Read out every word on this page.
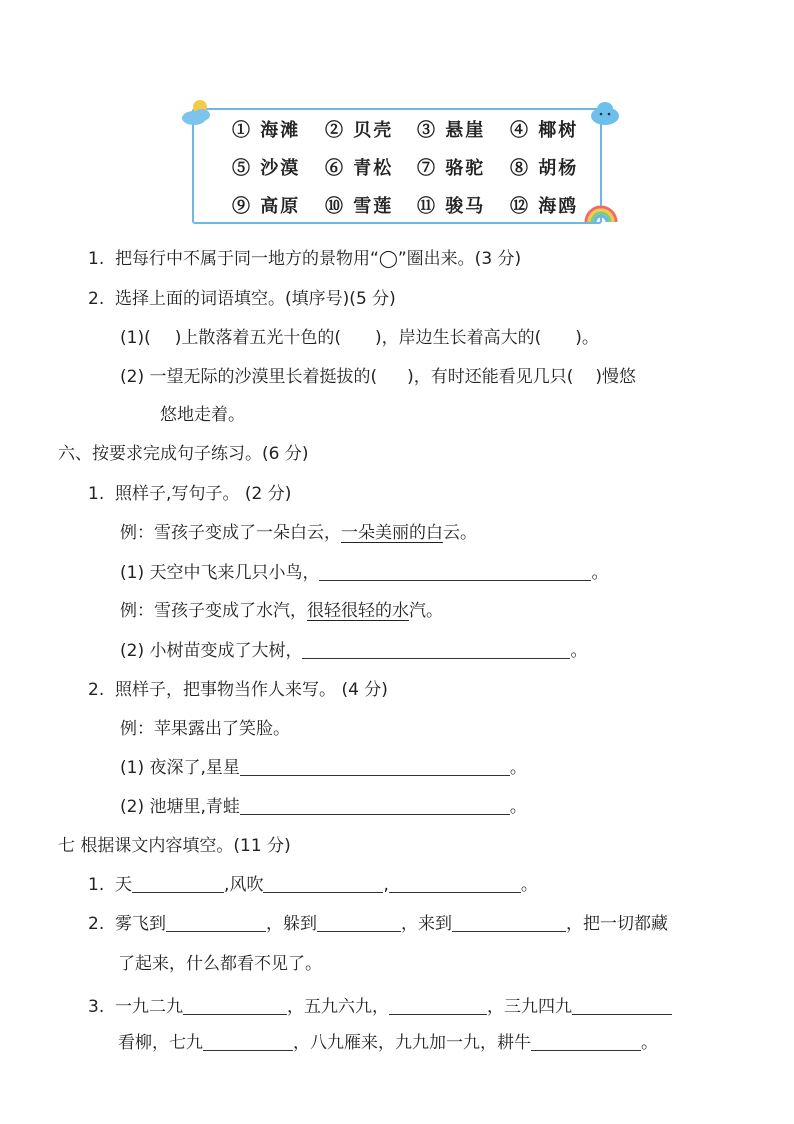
① 海滩 ② 贝壳 ③ 悬崖 ④ 椰树
⑤ 沙漠 ⑥ 青松 ⑦ 骆驼 ⑧ 胡杨
⑨ 高原 ⑩ 雪莲 ⑪ 骏马 ⑫ 海鸥
1. 把每行中不属于同一地方的景物用“◯”圈出来。(3 分)
2. 选择上面的词语填空。(填序号)(5 分)
(1)( )上散落着五光十色的( )，岸边生长着高大的( )。
(2) 一望无际的沙漠里长着挺拔的( )，有时还能看见几只( )慢悠
悠地走着。
六、按要求完成句子练习。(6 分)
1. 照样子,写句子。 (2 分)
例：雪孩子变成了一朵白云，一朵美丽的白云。
(1) 天空中飞来几只小鸟，	。
例：雪孩子变成了水汽，很轻很轻的水汽。
(2) 小树苗变成了大树，	。
2. 照样子，把事物当作人来写。 (4 分)
例：苹果露出了笑脸。
(1) 夜深了,星星	。
(2) 池塘里,青蛙	。
七 根据课文内容填空。(11 分)
1. 天	,风吹	,	。
2. 雾飞到	，躲到	，来到	，把一切都藏
了起来，什么都看不见了。
3. 一九二九	，五九六九，	，三九四九
看柳，七九	，八九雁来，九九加一九，耕牛	。
